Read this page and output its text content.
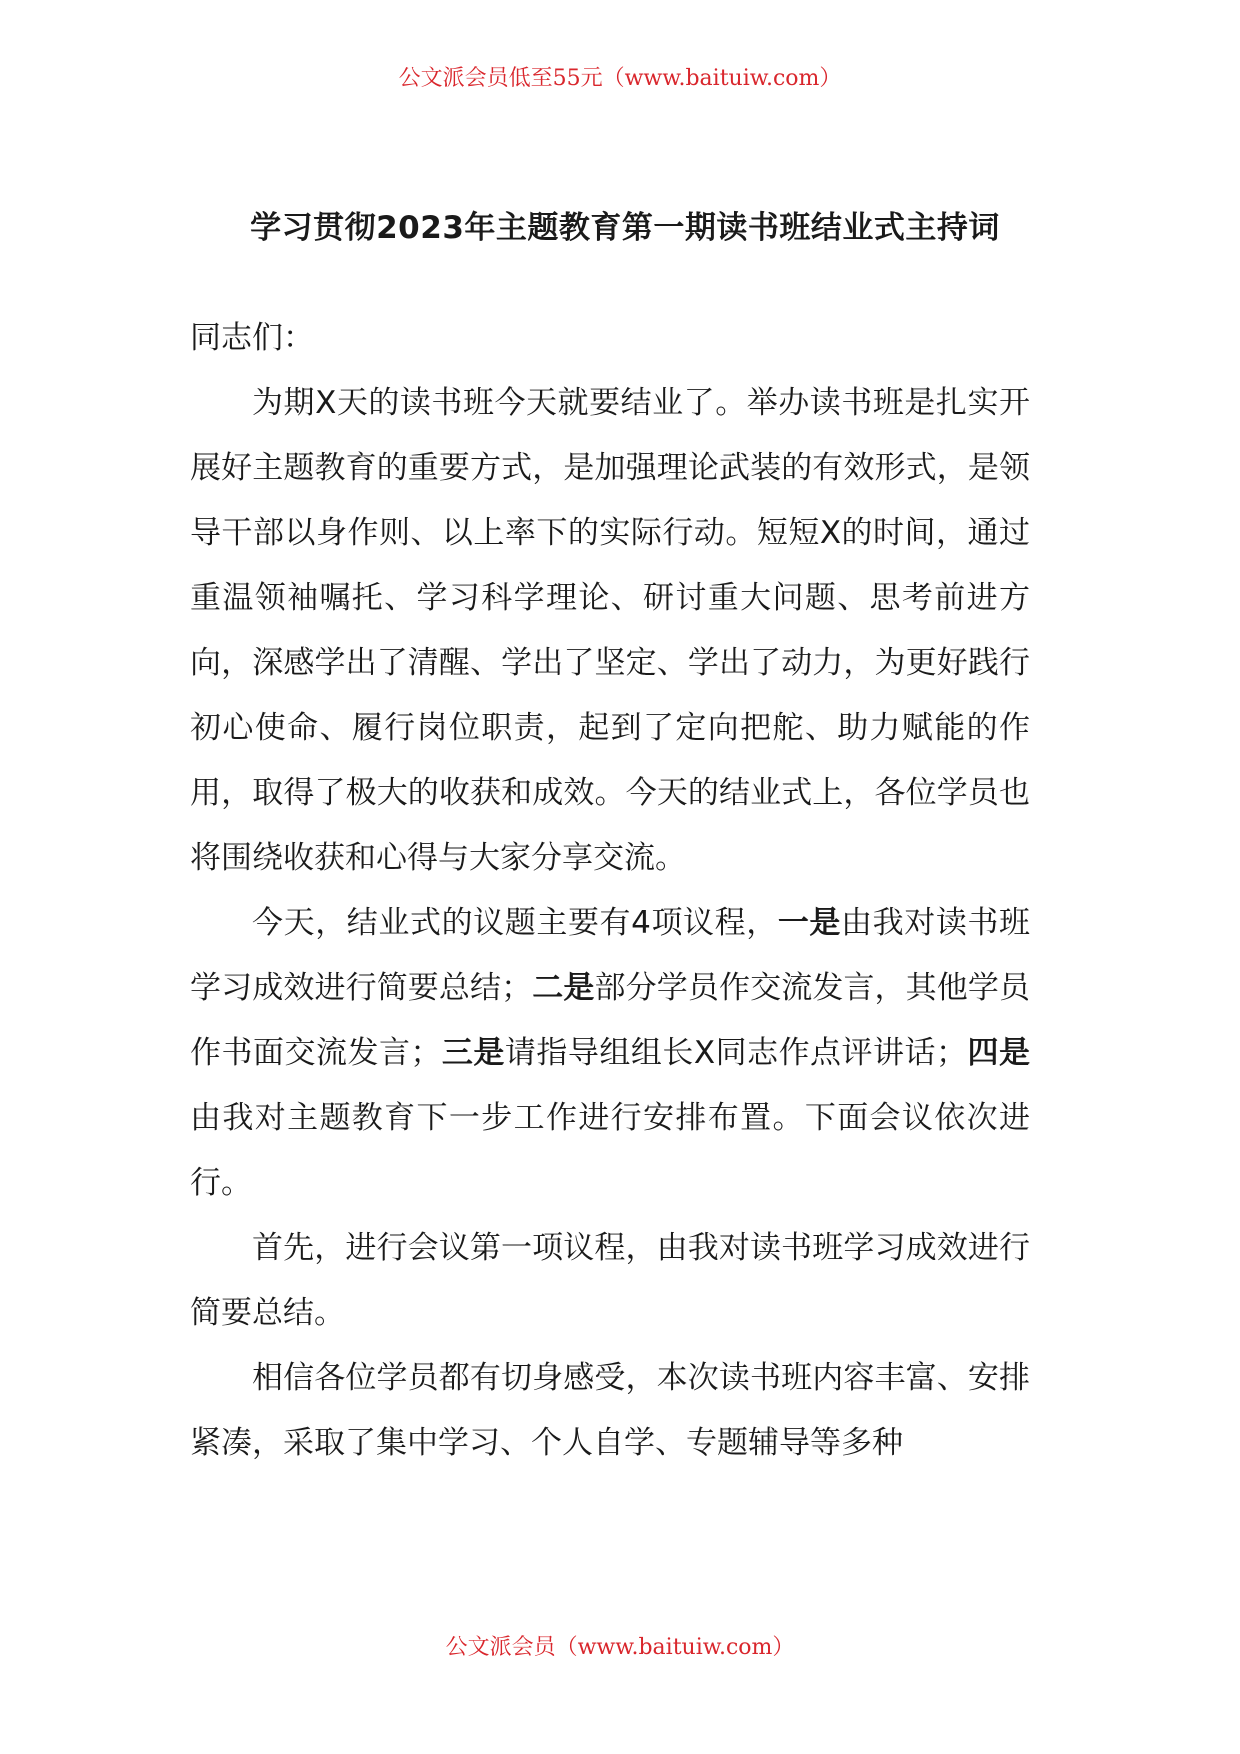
公文派会员低至55元（www.baituiw.com）
学习贯彻2023年主题教育第一期读书班结业式主持词

同志们：

为期X天的读书班今天就要结业了。举办读书班是扎实开展好主题教育的重要方式，是加强理论武装的有效形式，是领导干部以身作则、以上率下的实际行动。短短X的时间，通过重温领袖嘱托、学习科学理论、研讨重大问题、思考前进方向，深感学出了清醒、学出了坚定、学出了动力，为更好践行初心使命、履行岗位职责，起到了定向把舵、助力赋能的作用，取得了极大的收获和成效。今天的结业式上，各位学员也将围绕收获和心得与大家分享交流。

今天，结业式的议题主要有4项议程，一是由我对读书班学习成效进行简要总结；二是部分学员作交流发言，其他学员作书面交流发言；三是请指导组组长X同志作点评讲话；四是由我对主题教育下一步工作进行安排布置。下面会议依次进行。

首先，进行会议第一项议程，由我对读书班学习成效进行简要总结。

相信各位学员都有切身感受，本次读书班内容丰富、安排紧凑，采取了集中学习、个人自学、专题辅导等多种

公文派会员（www.baituiw.com）
